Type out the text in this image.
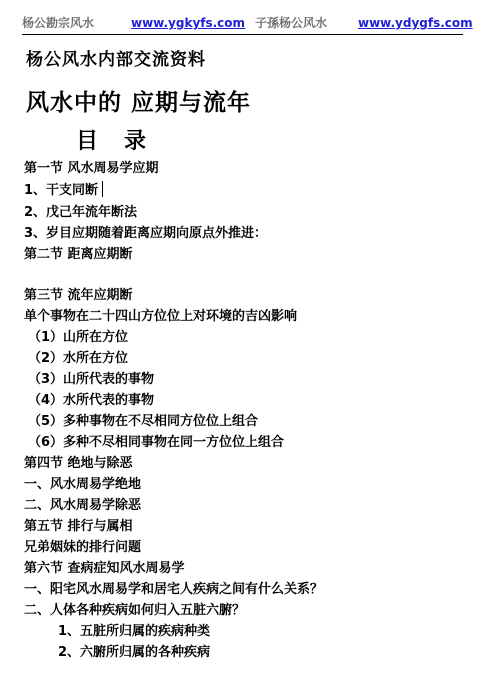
杨公勘宗风水	www.ygkyfs.com 子孫杨公风水	www.ydygfs.com
杨公风水内部交流资料
风水中的 应期与流年
目录
第一节 风水周易学应期
1、干支同断
2、戊己年流年断法
3、岁目应期随着距离应期向原点外推进：
第二节 距离应期断
第三节 流年应期断
单个事物在二十四山方位位上对环境的吉凶影响
（1）山所在方位
（2）水所在方位
（3）山所代表的事物
（4）水所代表的事物
（5）多种事物在不尽相同方位位上组合
（6）多种不尽相同事物在同一方位位上组合
第四节 绝地与除恶
一、风水周易学绝地
二、风水周易学除恶
第五节 排行与属相
兄弟姻妹的排行问题
第六节 查病症知风水周易学
一、阳宅风水周易学和居宅人疾病之间有什么关系？
二、人体各种疾病如何归入五脏六腑？
1、五脏所归属的疾病种类
2、六腑所归属的各种疾病
